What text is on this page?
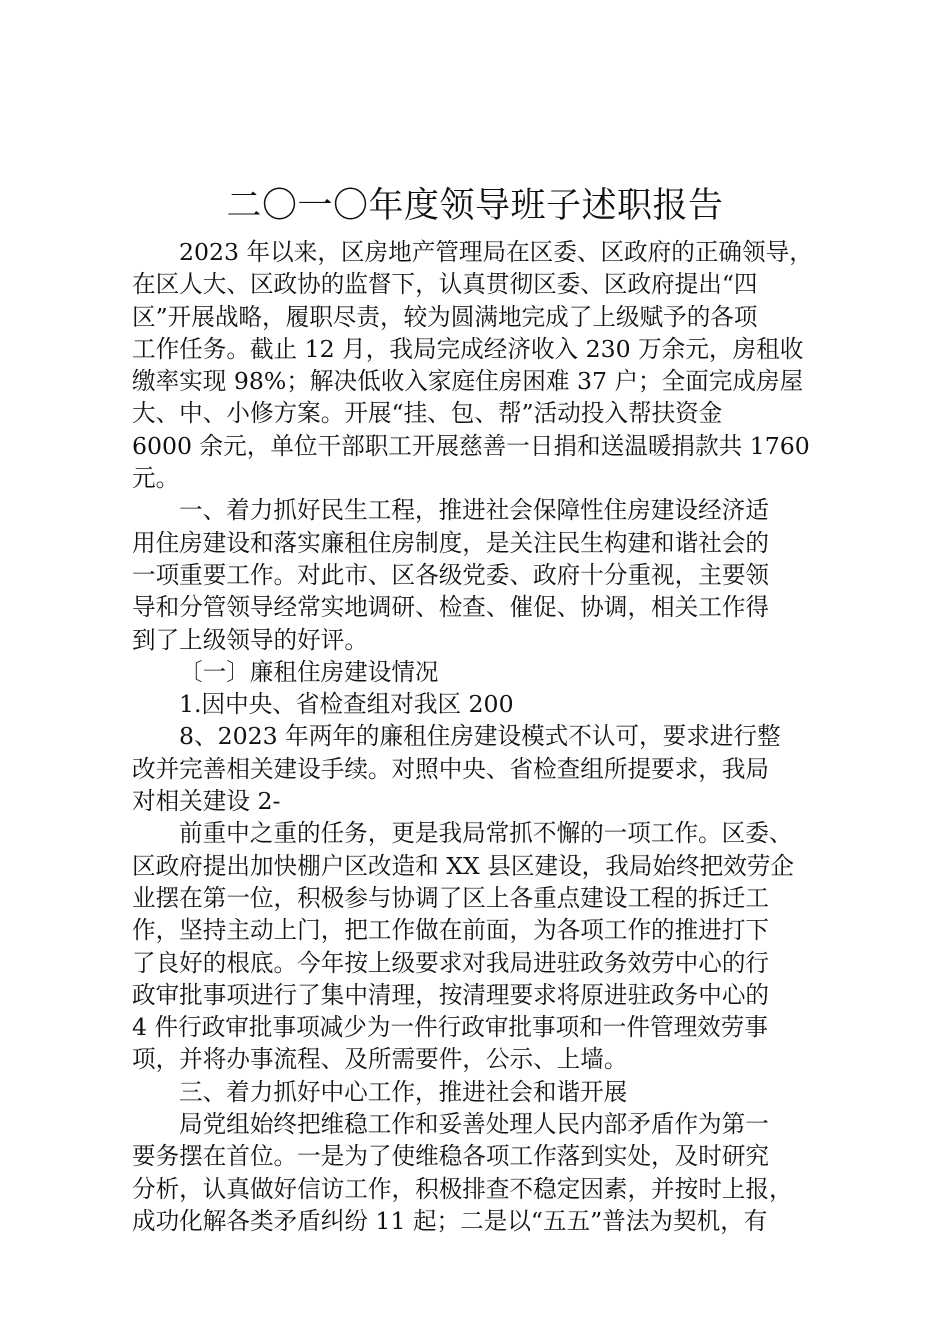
二〇一〇年度领导班子述职报告
2023 年以来，区房地产管理局在区委、区政府的正确领导，
在区人大、区政协的监督下，认真贯彻区委、区政府提出“四
区”开展战略，履职尽责，较为圆满地完成了上级赋予的各项
工作任务。截止 12 月，我局完成经济收入 230 万余元，房租收
缴率实现 98%；解决低收入家庭住房困难 37 户；全面完成房屋
大、中、小修方案。开展“挂、包、帮”活动投入帮扶资金
6000 余元，单位干部职工开展慈善一日捐和送温暖捐款共 1760
元。
一、着力抓好民生工程，推进社会保障性住房建设经济适
用住房建设和落实廉租住房制度，是关注民生构建和谐社会的
一项重要工作。对此市、区各级党委、政府十分重视，主要领
导和分管领导经常实地调研、检查、催促、协调，相关工作得
到了上级领导的好评。
〔一〕廉租住房建设情况
1.因中央、省检查组对我区 200
8、2023 年两年的廉租住房建设模式不认可，要求进行整
改并完善相关建设手续。对照中央、省检查组所提要求，我局
对相关建设 2-
前重中之重的任务，更是我局常抓不懈的一项工作。区委、
区政府提出加快棚户区改造和 XX 县区建设，我局始终把效劳企
业摆在第一位，积极参与协调了区上各重点建设工程的拆迁工
作，坚持主动上门，把工作做在前面，为各项工作的推进打下
了良好的根底。今年按上级要求对我局进驻政务效劳中心的行
政审批事项进行了集中清理，按清理要求将原进驻政务中心的
4 件行政审批事项减少为一件行政审批事项和一件管理效劳事
项，并将办事流程、及所需要件，公示、上墙。
三、着力抓好中心工作，推进社会和谐开展
局党组始终把维稳工作和妥善处理人民内部矛盾作为第一
要务摆在首位。一是为了使维稳各项工作落到实处，及时研究
分析，认真做好信访工作，积极排查不稳定因素，并按时上报，
成功化解各类矛盾纠纷 11 起；二是以“五五”普法为契机，有
